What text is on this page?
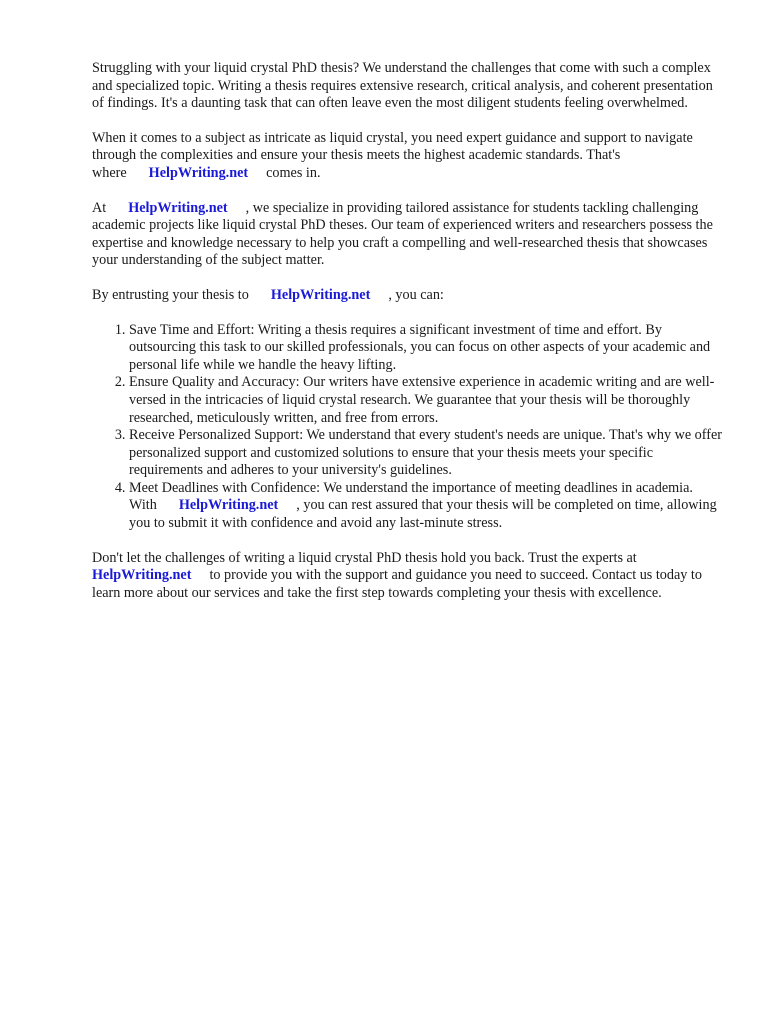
Struggling with your liquid crystal PhD thesis? We understand the challenges that come with such a complex and specialized topic. Writing a thesis requires extensive research, critical analysis, and coherent presentation of findings. It's a daunting task that can often leave even the most diligent students feeling overwhelmed.

When it comes to a subject as intricate as liquid crystal, you need expert guidance and support to navigate through the complexities and ensure your thesis meets the highest academic standards. That's where HelpWriting.net comes in.

At HelpWriting.net , we specialize in providing tailored assistance for students tackling challenging academic projects like liquid crystal PhD theses. Our team of experienced writers and researchers possess the expertise and knowledge necessary to help you craft a compelling and well-researched thesis that showcases your understanding of the subject matter.

By entrusting your thesis to HelpWriting.net , you can:

1. Save Time and Effort: Writing a thesis requires a significant investment of time and effort. By outsourcing this task to our skilled professionals, you can focus on other aspects of your academic and personal life while we handle the heavy lifting.
2. Ensure Quality and Accuracy: Our writers have extensive experience in academic writing and are well-versed in the intricacies of liquid crystal research. We guarantee that your thesis will be thoroughly researched, meticulously written, and free from errors.
3. Receive Personalized Support: We understand that every student's needs are unique. That's why we offer personalized support and customized solutions to ensure that your thesis meets your specific requirements and adheres to your university's guidelines.
4. Meet Deadlines with Confidence: We understand the importance of meeting deadlines in academia. With HelpWriting.net , you can rest assured that your thesis will be completed on time, allowing you to submit it with confidence and avoid any last-minute stress.

Don't let the challenges of writing a liquid crystal PhD thesis hold you back. Trust the experts at HelpWriting.net to provide you with the support and guidance you need to succeed. Contact us today to learn more about our services and take the first step towards completing your thesis with excellence.
